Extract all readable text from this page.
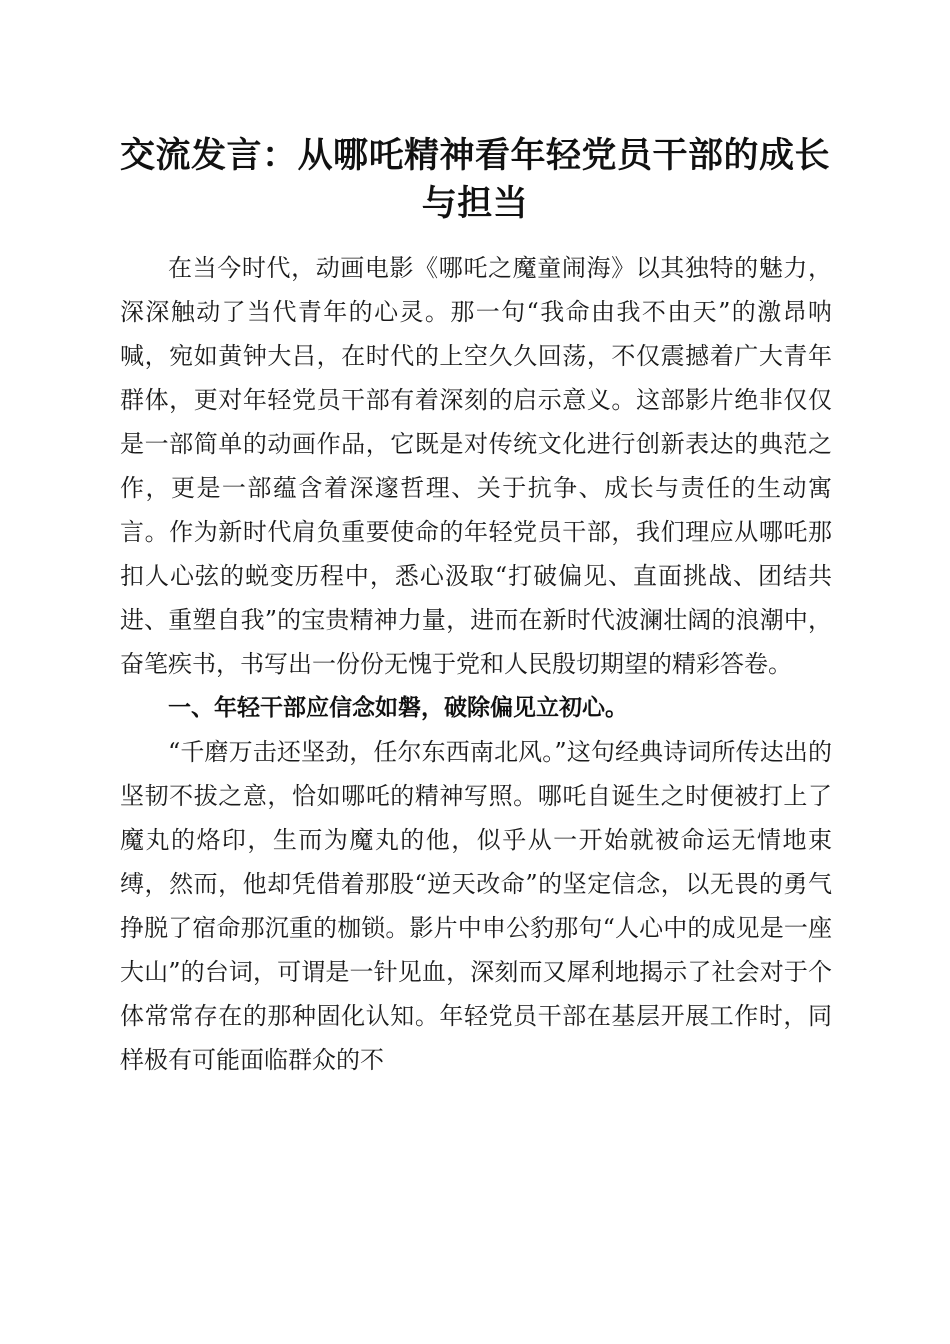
交流发言：从哪吒精神看年轻党员干部的成长与担当

在当今时代，动画电影《哪吒之魔童闹海》以其独特的魅力，深深触动了当代青年的心灵。那一句“我命由我不由天”的激昂呐喊，宛如黄钟大吕，在时代的上空久久回荡，不仅震撼着广大青年群体，更对年轻党员干部有着深刻的启示意义。这部影片绝非仅仅是一部简单的动画作品，它既是对传统文化进行创新表达的典范之作，更是一部蕴含着深邃哲理、关于抗争、成长与责任的生动寓言。作为新时代肩负重要使命的年轻党员干部，我们理应从哪吒那扣人心弦的蜕变历程中，悉心汲取“打破偏见、直面挑战、团结共进、重塑自我”的宝贵精神力量，进而在新时代波澜壮阔的浪潮中，奋笔疾书，书写出一份份无愧于党和人民殷切期望的精彩答卷。

一、年轻干部应信念如磐，破除偏见立初心。

“千磨万击还坚劲，任尔东西南北风。”这句经典诗词所传达出的坚韧不拔之意，恰如哪吒的精神写照。哪吒自诞生之时便被打上了魔丸的烙印，生而为魔丸的他，似乎从一开始就被命运无情地束缚，然而，他却凭借着那股“逆天改命”的坚定信念，以无畏的勇气挣脱了宿命那沉重的枷锁。影片中申公豹那句“人心中的成见是一座大山”的台词，可谓是一针见血，深刻而又犀利地揭示了社会对于个体常常存在的那种固化认知。年轻党员干部在基层开展工作时，同样极有可能面临群众的不
